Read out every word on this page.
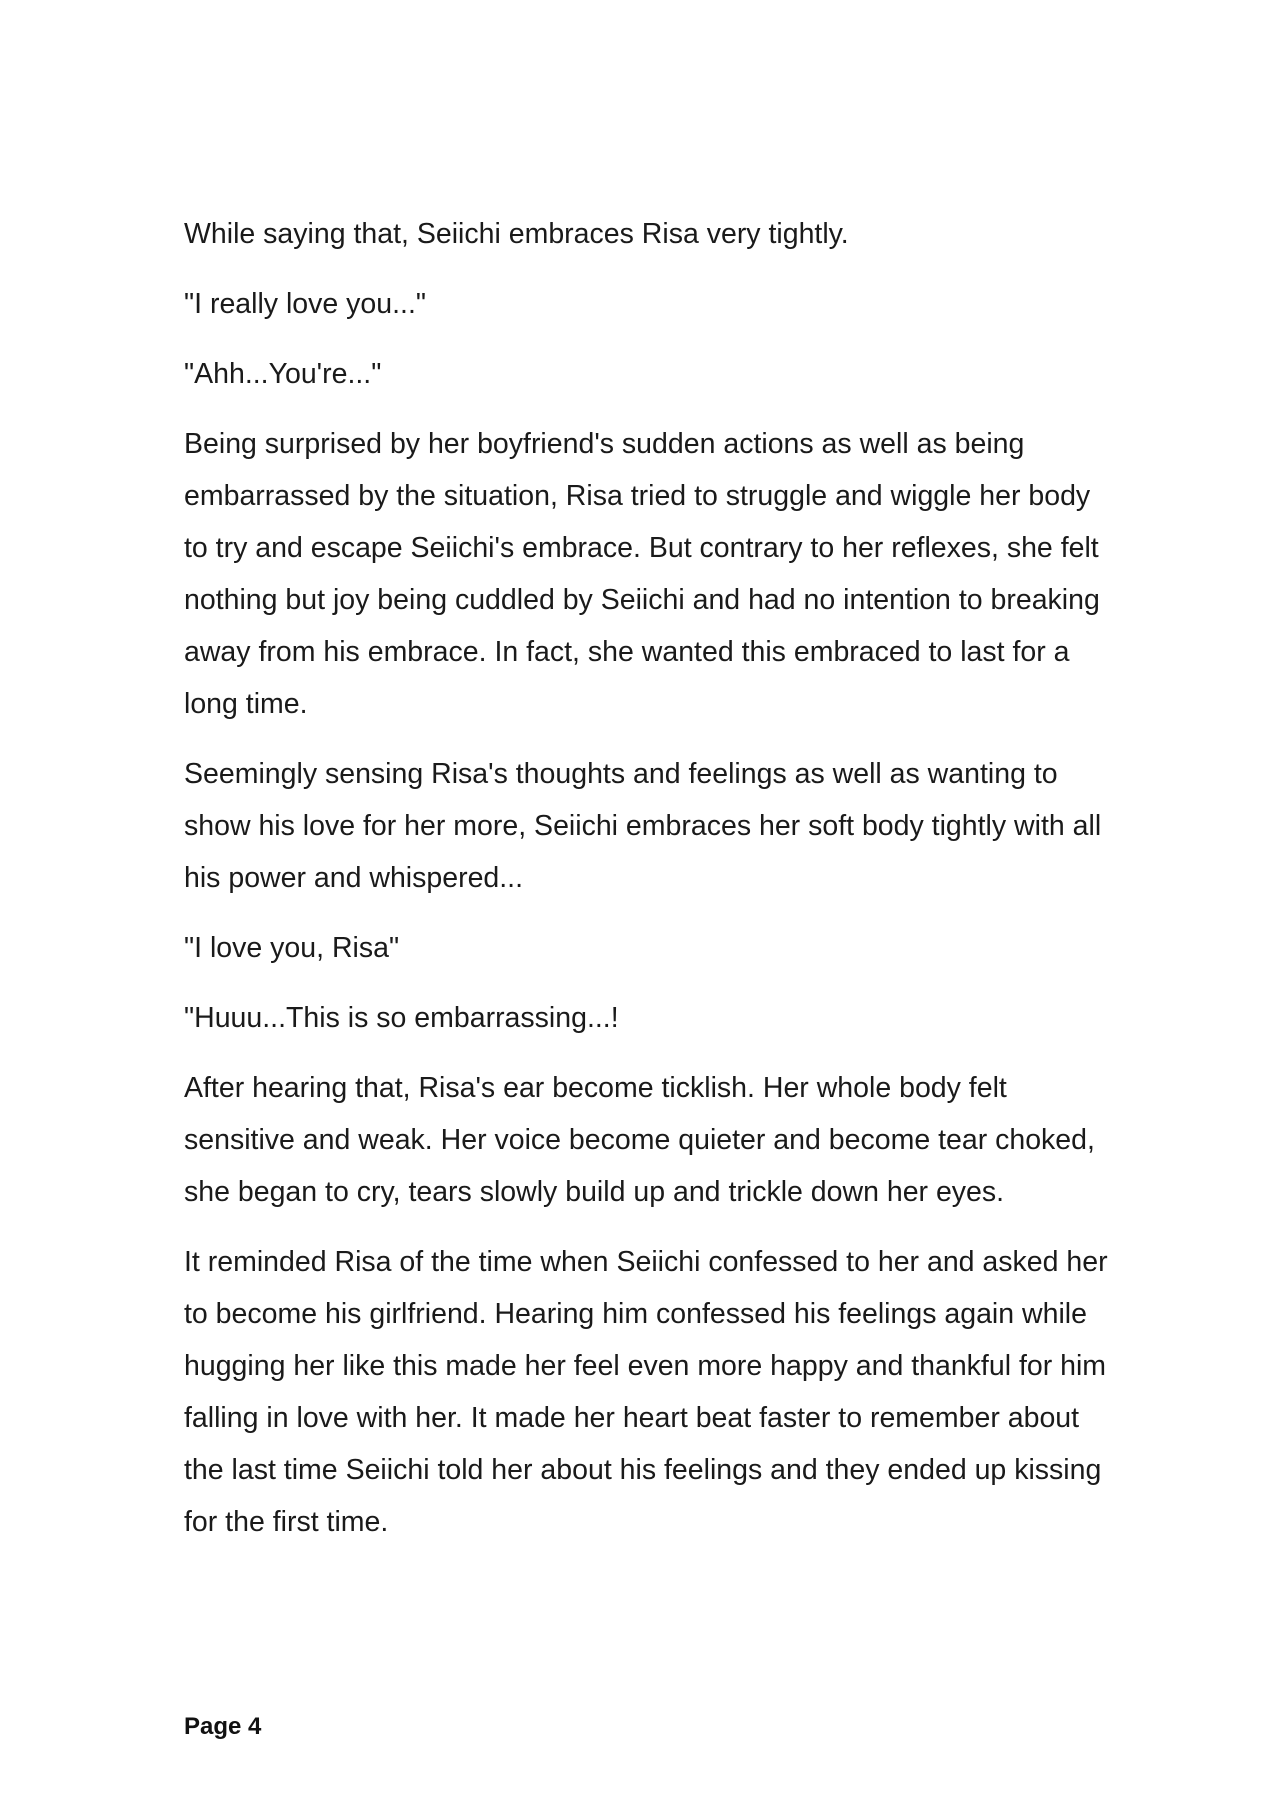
While saying that, Seiichi embraces Risa very tightly.

"I really love you..."

"Ahh...You're..."

Being surprised by her boyfriend's sudden actions as well as being embarrassed by the situation, Risa tried to struggle and wiggle her body to try and escape Seiichi's embrace. But contrary to her reflexes, she felt nothing but joy being cuddled by Seiichi and had no intention to breaking away from his embrace. In fact, she wanted this embraced to last for a long time.

Seemingly sensing Risa's thoughts and feelings as well as wanting to show his love for her more, Seiichi embraces her soft body tightly with all his power and whispered...

"I love you, Risa"

"Huuu...This is so embarrassing...!

After hearing that, Risa's ear become ticklish. Her whole body felt sensitive and weak. Her voice become quieter and become tear choked, she began to cry, tears slowly build up and trickle down her eyes.

It reminded Risa of the time when Seiichi confessed to her and asked her to become his girlfriend. Hearing him confessed his feelings again while hugging her like this made her feel even more happy and thankful for him falling in love with her. It made her heart beat faster to remember about the last time Seiichi told her about his feelings and they ended up kissing for the first time.

Page 4
